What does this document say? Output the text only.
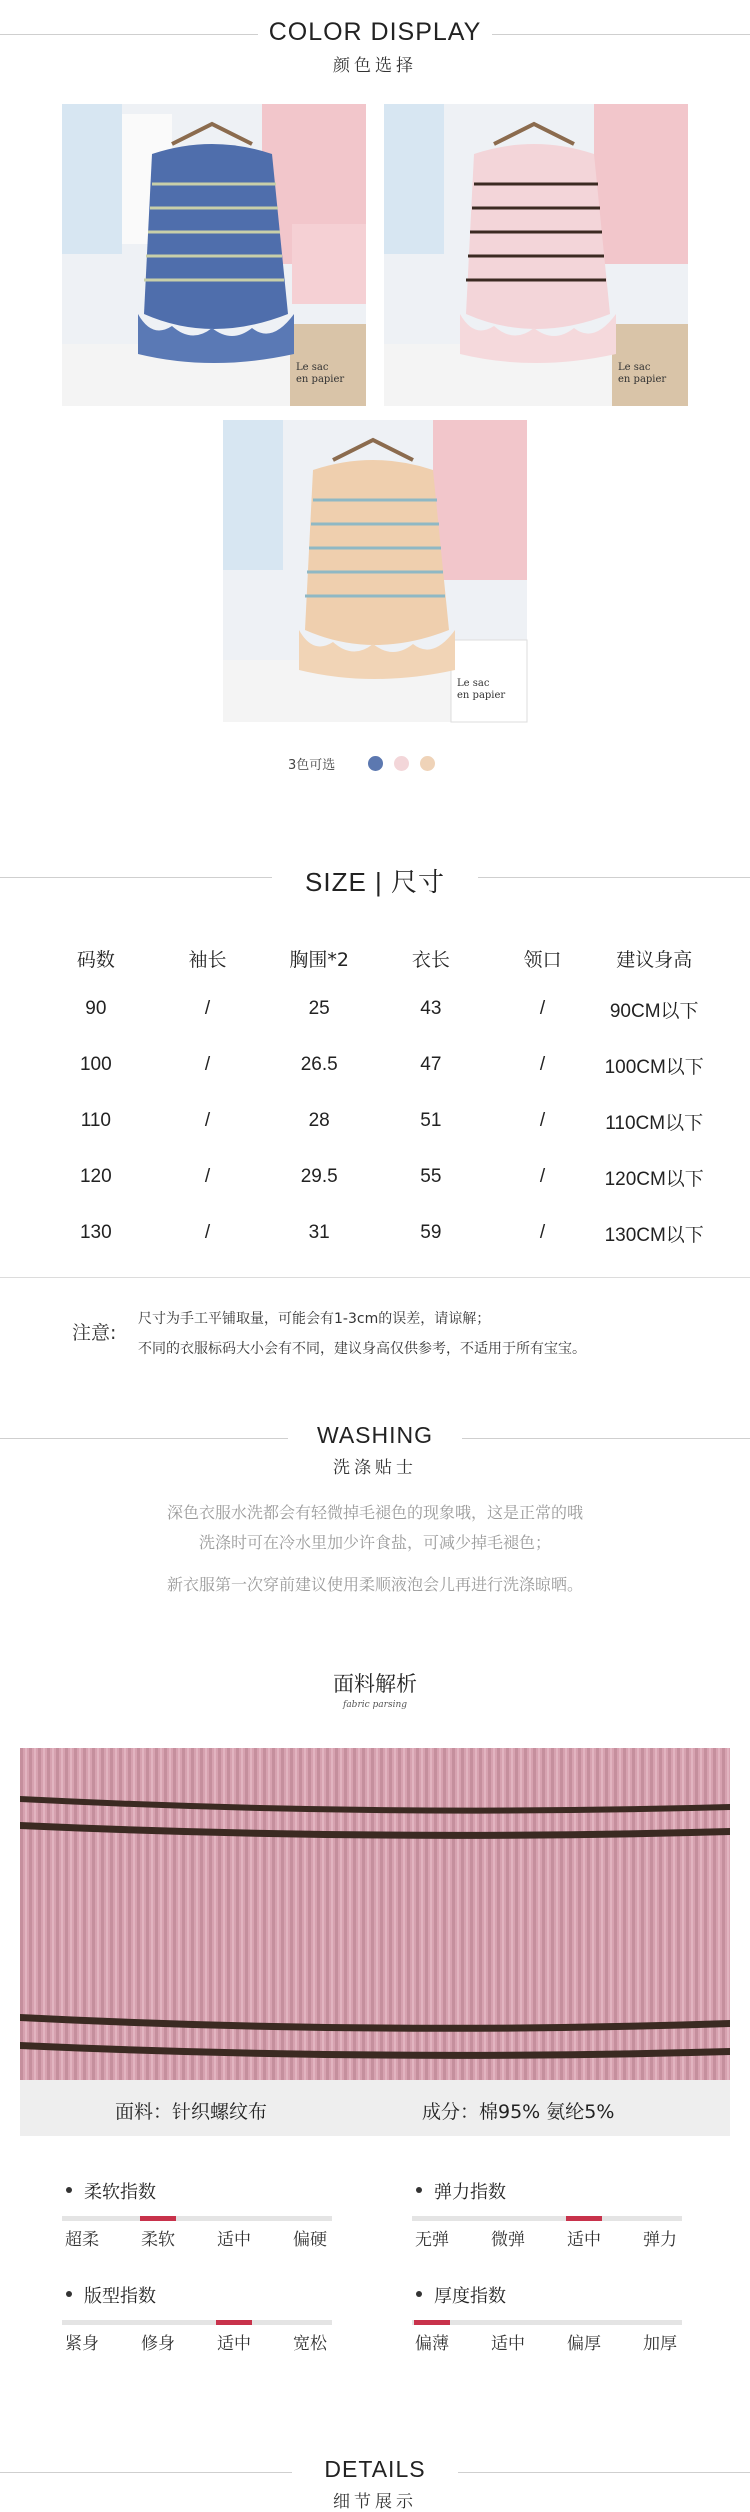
COLOR DISPLAY
颜色选择
Le sac
en papier
Le sac
en papier
Le sac
en papier
3色可选
SIZE | 尺寸
码数	袖长	胸围*2	衣长	领口	建议身高
90	/	25	43	/	90CM以下
100	/	26.5	47	/	100CM以下
110	/	28	51	/	110CM以下
120	/	29.5	55	/	120CM以下
130	/	31	59	/	130CM以下
注意:
尺寸为手工平铺取量，可能会有1-3cm的误差，请谅解；
不同的衣服标码大小会有不同，建议身高仅供参考，不适用于所有宝宝。
WASHING
洗涤贴士
深色衣服水洗都会有轻微掉毛褪色的现象哦，这是正常的哦
洗涤时可在冷水里加少许食盐，可减少掉毛褪色；
新衣服第一次穿前建议使用柔顺液泡会儿再进行洗涤晾晒。
面料解析
fabric parsing
面料：针织螺纹布	成分：棉95% 氨纶5%
柔软指数
超柔 柔软 适中 偏硬
弹力指数
无弹 微弹 适中 弹力
版型指数
紧身 修身 适中 宽松
厚度指数
偏薄 适中 偏厚 加厚
DETAILS
细节展示
